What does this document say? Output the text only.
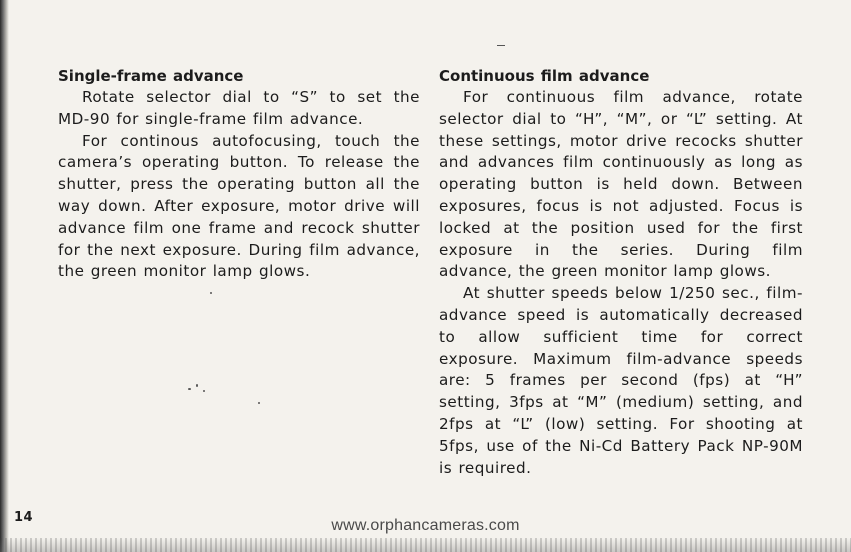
Single-frame advance

Rotate selector dial to “S” to set the MD-90 for single-frame film advance.

For continous autofocusing, touch the camera’s operating button. To release the shutter, press the operating button all the way down. After exposure, motor drive will advance film one frame and recock shutter for the next exposure. During film advance, the green monitor lamp glows.

Continuous film advance

For continuous film advance, rotate selector dial to “H”, “M”, or “L” setting. At these settings, motor drive recocks shutter and advances film continuously as long as operating button is held down. Between exposures, focus is not adjusted. Focus is locked at the position used for the first exposure in the series. During film advance, the green monitor lamp glows.

At shutter speeds below 1/250 sec., film-advance speed is automatically decreased to allow sufficient time for correct exposure. Maximum film-advance speeds are: 5 frames per second (fps) at “H” setting, 3fps at “M” (medium) setting, and 2fps at “L” (low) setting. For shooting at 5fps, use of the Ni-Cd Battery Pack NP-90M is required.

14	www.orphancameras.com
